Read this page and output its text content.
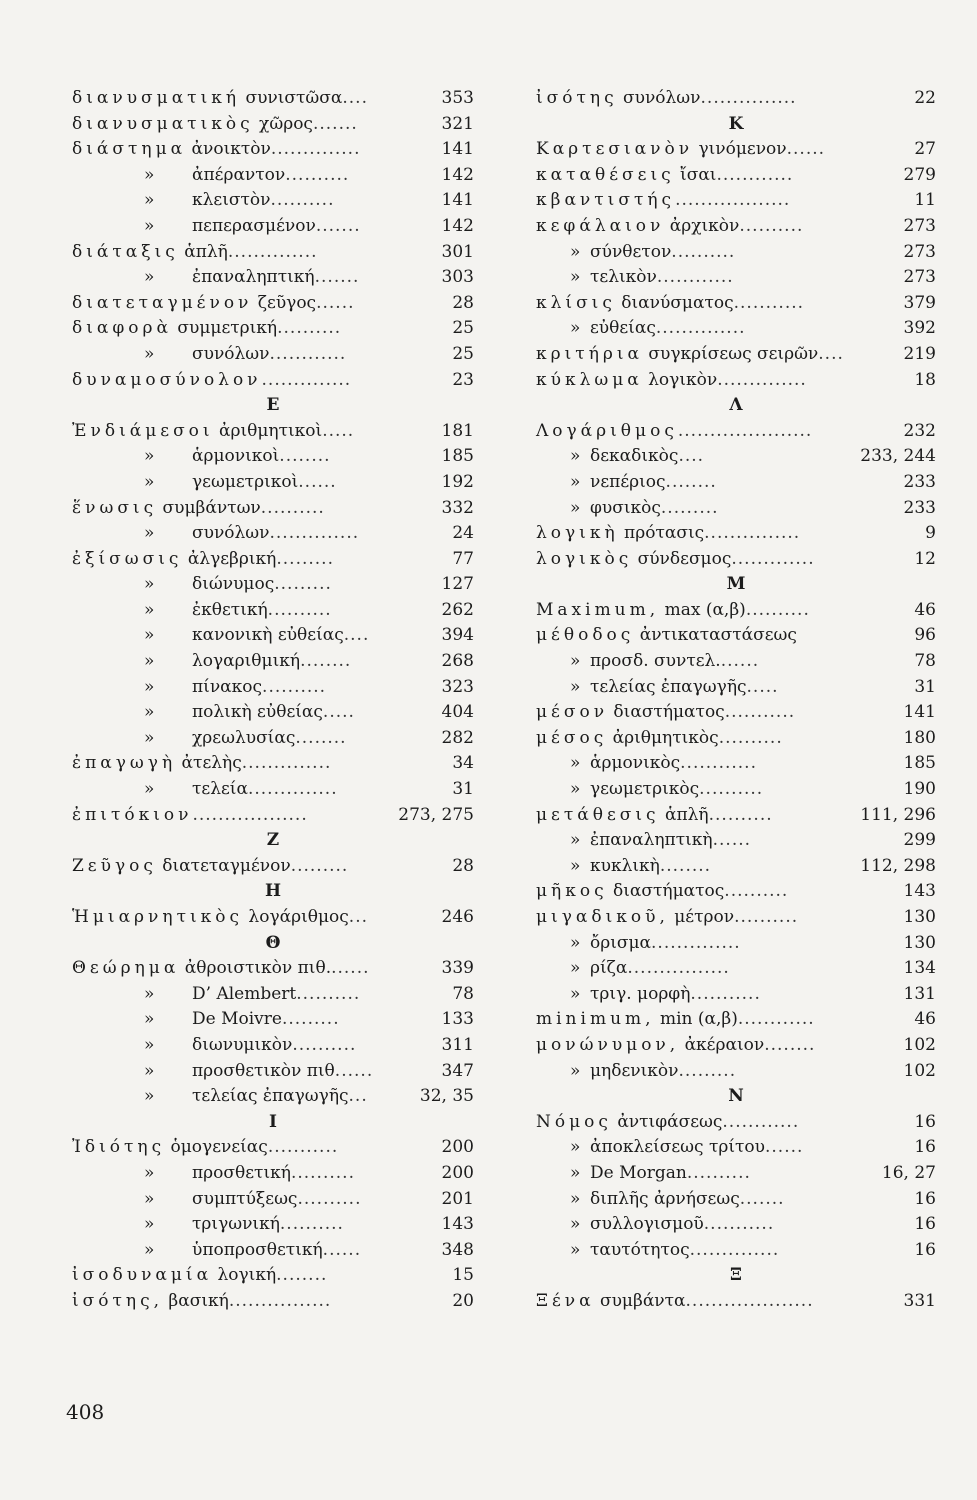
διανυσματική συνιστῶσα....	353
διανυσματικὸς χῶρος.......	321
διάστημα ἀνοικτὸν..............	141
» ἀπέραντον..........	142
» κλειστὸν..........	141
» πεπερασμένον.......	142
διάταξις ἁπλῆ..............	301
» ἐπαναληπτική.......	303
διατεταγμένον ζεῦγος......	28
διαφορὰ συμμετρική..........	25
» συνόλων............	25
δυναμοσύνολον..............	23
Ε
Ἐνδιάμεσοι ἀριθμητικοὶ.....	181
» ἁρμονικοὶ........	185
» γεωμετρικοὶ......	192
ἕνωσις συμβάντων..........	332
» συνόλων..............	24
ἐξίσωσις ἀλγεβρική.........	77
» διώνυμος.........	127
» ἐκθετική..........	262
» κανονικὴ εὐθείας....	394
» λογαριθμική........	268
» πίνακος..........	323
» πολικὴ εὐθείας.....	404
» χρεωλυσίας........	282
ἐπαγωγὴ ἀτελὴς..............	34
» τελεία..............	31
ἐπιτόκιον..................	273, 275
Ζ
Ζεῦγος διατεταγμένον.........	28
Η
Ἡμιαρνητικὸς λογάριθμος...	246
Θ
Θεώρημα ἀθροιστικὸν πιθ.......	339
» D’ Alembert..........	78
» De Moivre.........	133
» διωνυμικὸν..........	311
» προσθετικὸν πιθ......	347
» τελείας ἐπαγωγῆς...	32, 35
Ι
Ἰδιότης ὁμογενείας...........	200
» προσθετική..........	200
» συμπτύξεως..........	201
» τριγωνική..........	143
» ὑποπροσθετική......	348
ἰσοδυναμία λογική........	15
ἰσότης, βασική................	20
ἰσότης συνόλων...............	22
Κ
Καρτεσιανὸν γινόμενον......	27
καταθέσεις ἴσαι............	279
κβαντιστής..................	11
κεφάλαιον ἀρχικὸν..........	273
» σύνθετον..........	273
» τελικὸν............	273
κλίσις διανύσματος...........	379
» εὐθείας..............	392
κριτήρια συγκρίσεως σειρῶν....	219
κύκλωμα λογικὸν..............	18
Λ
Λογάριθμος.....................	232
» δεκαδικὸς....	233, 244
» νεπέριος........	233
» φυσικὸς.........	233
λογικὴ πρότασις...............	9
λογικὸς σύνδεσμος.............	12
Μ
Maximum, max (α,β)..........	46
μέθοδος ἀντικαταστάσεως	96
» προσδ. συντελ.......	78
» τελείας ἐπαγωγῆς.....	31
μέσον διαστήματος...........	141
μέσος ἀριθμητικὸς..........	180
» ἁρμονικὸς............	185
» γεωμετρικὸς..........	190
μετάθεσις ἁπλῆ..........	111, 296
» ἐπαναληπτικὴ......	299
» κυκλικὴ........	112, 298
μῆκος διαστήματος..........	143
μιγαδικοῦ, μέτρον..........	130
» ὄρισμα..............	130
» ρίζα................	134
» τριγ. μορφὴ...........	131
minimum, min (α,β)............	46
μονώνυμον, ἀκέραιον........	102
» μηδενικὸν.........	102
Ν
Νόμος ἀντιφάσεως............	16
» ἀποκλείσεως τρίτου......	16
» De Morgan..........	16, 27
» διπλῆς ἀρνήσεως.......	16
» συλλογισμοῦ...........	16
» ταυτότητος..............	16
Ξ
Ξένα συμβάντα....................	331
408
